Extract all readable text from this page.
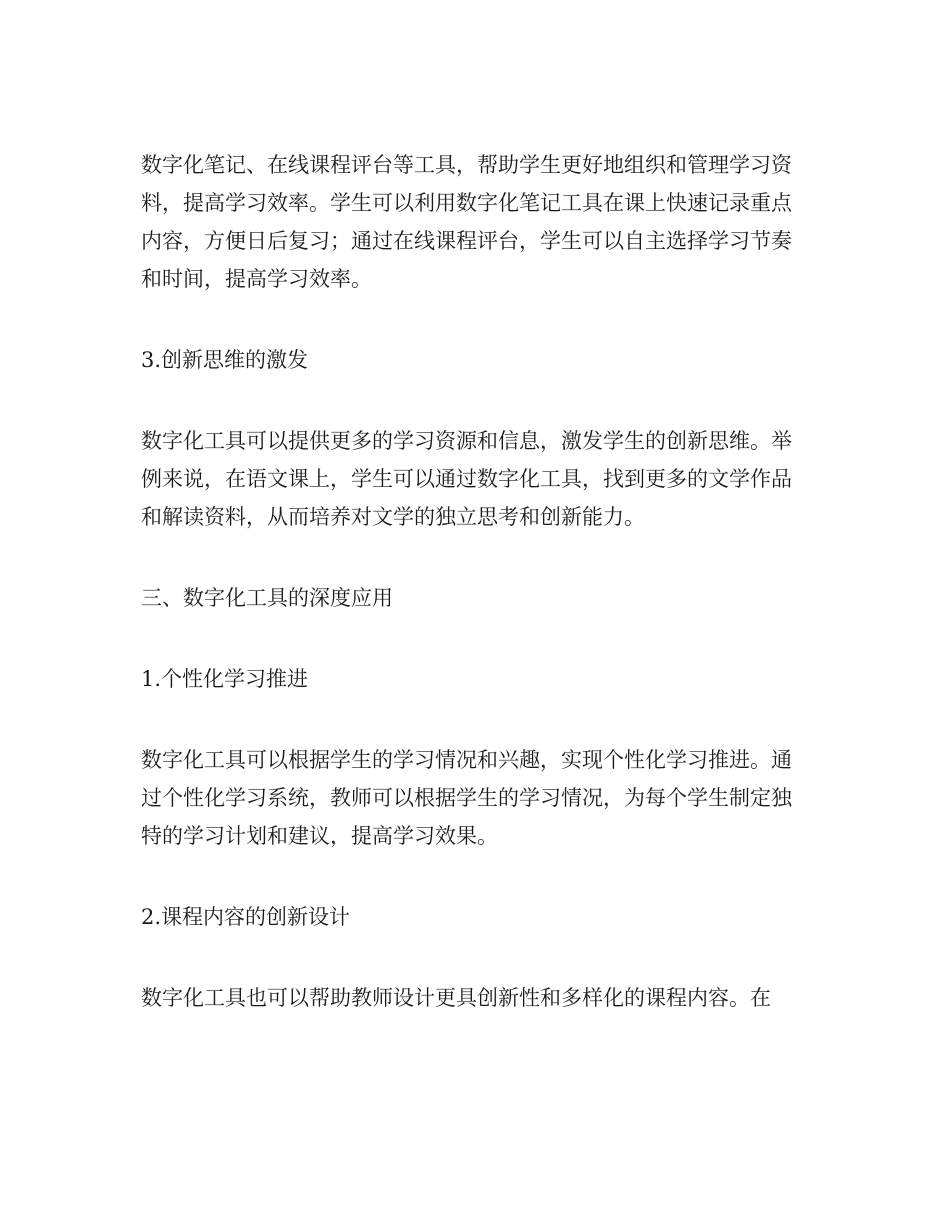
数字化笔记、在线课程评台等工具，帮助学生更好地组织和管理学习资料，提高学习效率。学生可以利用数字化笔记工具在课上快速记录重点内容，方便日后复习；通过在线课程评台，学生可以自主选择学习节奏和时间，提高学习效率。

3.创新思维的激发

数字化工具可以提供更多的学习资源和信息，激发学生的创新思维。举例来说，在语文课上，学生可以通过数字化工具，找到更多的文学作品和解读资料，从而培养对文学的独立思考和创新能力。

三、数字化工具的深度应用

1.个性化学习推进

数字化工具可以根据学生的学习情况和兴趣，实现个性化学习推进。通过个性化学习系统，教师可以根据学生的学习情况，为每个学生制定独特的学习计划和建议，提高学习效果。

2.课程内容的创新设计

数字化工具也可以帮助教师设计更具创新性和多样化的课程内容。在
